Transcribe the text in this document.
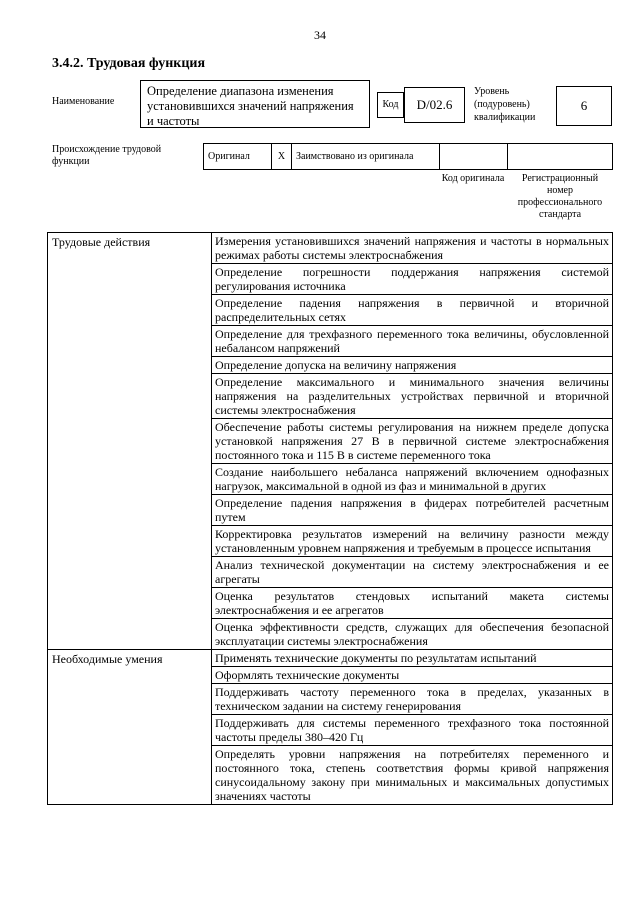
34
3.4.2. Трудовая функция
Наименование
Определение диапазона изменения установившихся значений напряжения и частоты
Код	D/02.6
Уровень (подуровень) квалификации
6
Происхождение трудовой функции	Оригинал	X	Заимствовано из оригинала		
Код оригинала	Регистрационный номер профессионального стандарта
Трудовые действия	Измерения установившихся значений напряжения и частоты в нормальных режимах работы системы электроснабжения
	Определение погрешности поддержания напряжения системой регулирования источника
	Определение падения напряжения в первичной и вторичной распределительных сетях
	Определение для трехфазного переменного тока величины, обусловленной небалансом напряжений
	Определение допуска на величину напряжения
	Определение максимального и минимального значения величины напряжения на разделительных устройствах первичной и вторичной системы электроснабжения
	Обеспечение работы системы регулирования на нижнем пределе допуска установкой напряжения 27 В в первичной системе электроснабжения постоянного тока и 115 В в системе переменного тока
	Создание наибольшего небаланса напряжений включением однофазных нагрузок, максимальной в одной из фаз и минимальной в других
	Определение падения напряжения в фидерах потребителей расчетным путем
	Корректировка результатов измерений на величину разности между установленным уровнем напряжения и требуемым в процессе испытания
	Анализ технической документации на систему электроснабжения и ее агрегаты
	Оценка результатов стендовых испытаний макета системы электроснабжения и ее агрегатов
	Оценка эффективности средств, служащих для обеспечения безопасной эксплуатации системы электроснабжения
Необходимые умения	Применять технические документы по результатам испытаний
	Оформлять технические документы
	Поддерживать частоту переменного тока в пределах, указанных в техническом задании на систему генерирования
	Поддерживать для системы переменного трехфазного тока постоянной частоты пределы 380–420 Гц
	Определять уровни напряжения на потребителях переменного и постоянного тока, степень соответствия формы кривой напряжения синусоидальному закону при минимальных и максимальных допустимых значениях частоты
